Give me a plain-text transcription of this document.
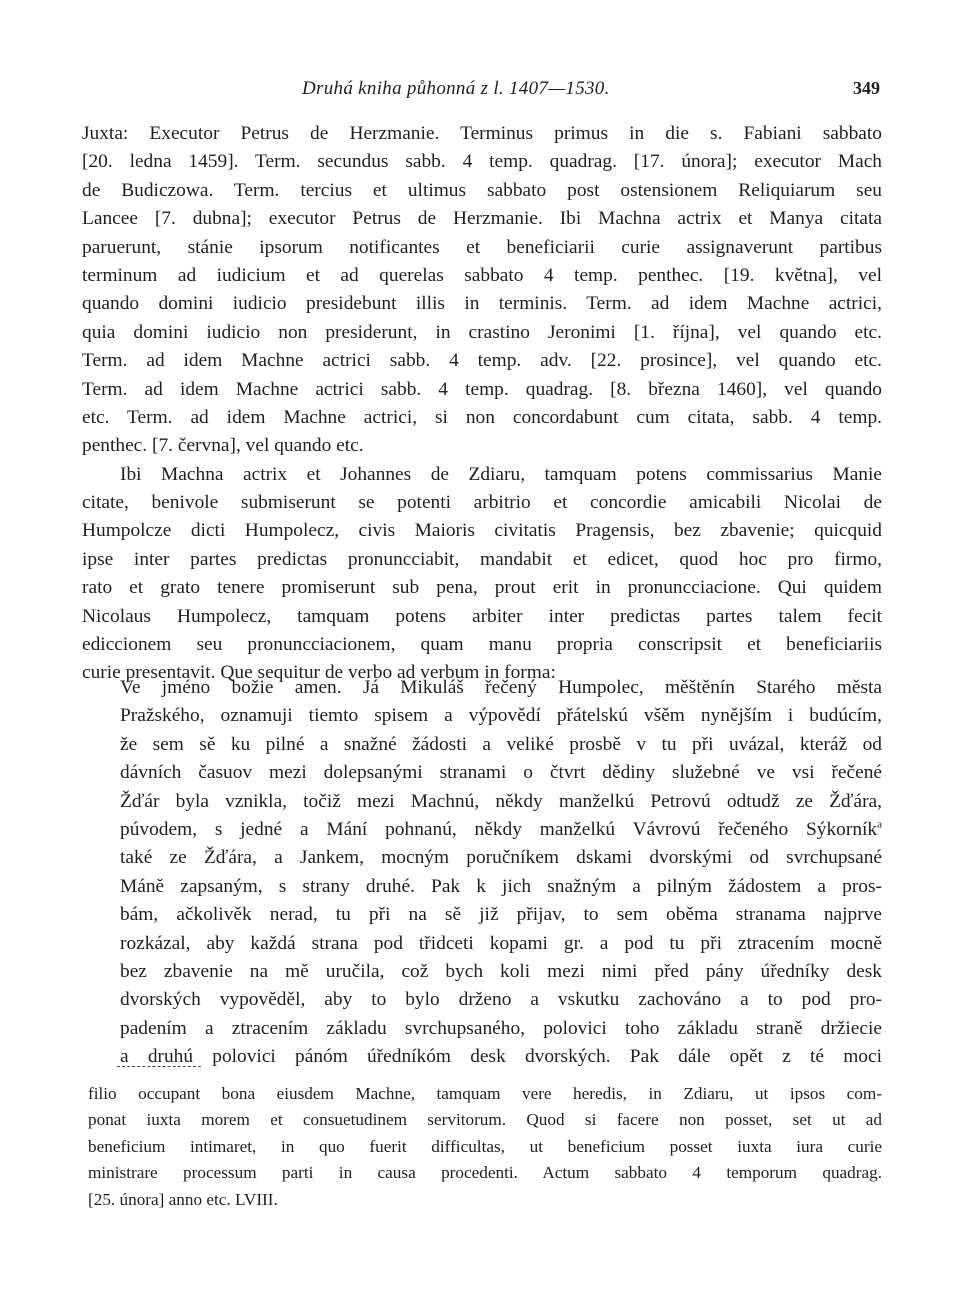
Druhá kniha půhonná z l. 1407—1530.	349
Juxta: Executor Petrus de Herzmanie. Terminus primus in die s. Fabiani sabbato
[20. ledna 1459]. Term. secundus sabb. 4 temp. quadrag. [17. února]; executor Mach
de Budiczowa. Term. tercius et ultimus sabbato post ostensionem Reliquiarum seu
Lancee [7. dubna]; executor Petrus de Herzmanie. Ibi Machna actrix et Manya citata
paruerunt, stánie ipsorum notificantes et beneficiarii curie assignaverunt partibus
terminum ad iudicium et ad querelas sabbato 4 temp. penthec. [19. května], vel
quando domini iudicio presidebunt illis in terminis. Term. ad idem Machne actrici,
quia domini iudicio non presiderunt, in crastino Jeronimi [1. října], vel quando etc.
Term. ad idem Machne actrici sabb. 4 temp. adv. [22. prosince], vel quando etc.
Term. ad idem Machne actrici sabb. 4 temp. quadrag. [8. března 1460], vel quando
etc. Term. ad idem Machne actrici, si non concordabunt cum citata, sabb. 4 temp.
penthec. [7. června], vel quando etc.
Ibi Machna actrix et Johannes de Zdiaru, tamquam potens commissarius Manie
citate, benivole submiserunt se potenti arbitrio et concordie amicabili Nicolai de
Humpolcze dicti Humpolecz, civis Maioris civitatis Pragensis, bez zbavenie; quicquid
ipse inter partes predictas pronuncciabit, mandabit et edicet, quod hoc pro firmo,
rato et grato tenere promiserunt sub pena, prout erit in pronuncciacione. Qui quidem
Nicolaus Humpolecz, tamquam potens arbiter inter predictas partes talem fecit
ediccionem seu pronuncciacionem, quam manu propria conscripsit et beneficiariis
curie presentavit. Que sequitur de verbo ad verbum in forma:
Ve jméno božie amen. Já Mikuláš řečený Humpolec, měštěnín Starého města
Pražského, oznamuji tiemto spisem a výpovědí přátelskú všěm nynějším i budúcím,
že sem sě ku pilné a snažné žádosti a veliké prosbě v tu při uvázal, kteráž od
dávních časuov mezi dolepsanými stranami o čtvrt dědiny služebné ve vsi řečené
Žďár byla vznikla, točiž mezi Machnú, někdy manželkú Petrovú odtudž ze Žďára,
púvodem, s jedné a Mání pohnanú, někdy manželkú Vávrovú řečeného Sýkorník$^a$
také ze Žďára, a Jankem, mocným poručníkem dskami dvorskými od svrchupsané
Máně zapsaným, s strany druhé. Pak k jich snažným a pilným žádostem a pros-
bám, ačkolivěk nerad, tu při na sě již přijav, to sem oběma stranama najprve
rozkázal, aby každá strana pod třidceti kopami gr. a pod tu při ztracením mocně
bez zbavenie na mě uručila, což bych koli mezi nimi před pány úředníky desk
dvorských vypověděl, aby to bylo drženo a vskutku zachováno a to pod pro-
padením a ztracením základu svrchupsaného, polovici toho základu straně držiecie
a druhú polovici pánóm úředníkóm desk dvorských. Pak dále opět z té moci
filio occupant bona eiusdem Machne, tamquam vere heredis, in Zdiaru, ut ipsos com-
ponat iuxta morem et consuetudinem servitorum. Quod si facere non posset, set ut ad
beneficium intimaret, in quo fuerit difficultas, ut beneficium posset iuxta iura curie
ministrare processum parti in causa procedenti. Actum sabbato 4 temporum quadrag.
[25. února] anno etc. LVIII.
